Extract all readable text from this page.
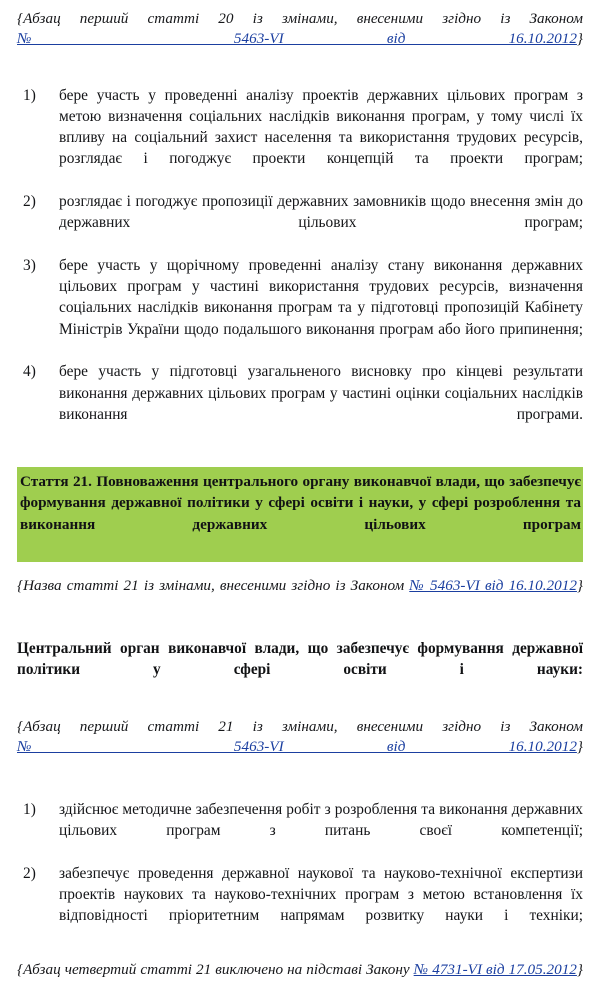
{Абзац перший статті 20 із змінами, внесеними згідно із Законом № 5463-VI від 16.10.2012}

1)	бере участь у проведенні аналізу проектів державних цільових програм з метою визначення соціальних наслідків виконання програм, у тому числі їх впливу на соціальний захист населення та використання трудових ресурсів, розглядає і погоджує проекти концепцій та проекти програм;
2)	розглядає і погоджує пропозиції державних замовників щодо внесення змін до державних цільових програм;
3)	бере участь у щорічному проведенні аналізу стану виконання державних цільових програм у частині використання трудових ресурсів, визначення соціальних наслідків виконання програм та у підготовці пропозицій Кабінету Міністрів України щодо подальшого виконання програм або його припинення;
4)	бере участь у підготовці узагальненого висновку про кінцеві результати виконання державних цільових програм у частині оцінки соціальних наслідків виконання програми.

Стаття 21. Повноваження центрального органу виконавчої влади, що забезпечує формування державної політики у сфері освіти і науки, у сфері розроблення та виконання державних цільових програм

{Назва статті 21 із змінами, внесеними згідно із Законом № 5463-VI від 16.10.2012}

Центральний орган виконавчої влади, що забезпечує формування державної політики у сфері освіти і науки:

{Абзац перший статті 21 із змінами, внесеними згідно із Законом № 5463-VI від 16.10.2012}

1)	здійснює методичне забезпечення робіт з розроблення та виконання державних цільових програм з питань своєї компетенції;
2)	забезпечує проведення державної наукової та науково-технічної експертизи проектів наукових та науково-технічних програм з метою встановлення їх відповідності пріоритетним напрямам розвитку науки і техніки;

{Абзац четвертий статті 21 виключено на підставі Закону № 4731-VI від 17.05.2012}
